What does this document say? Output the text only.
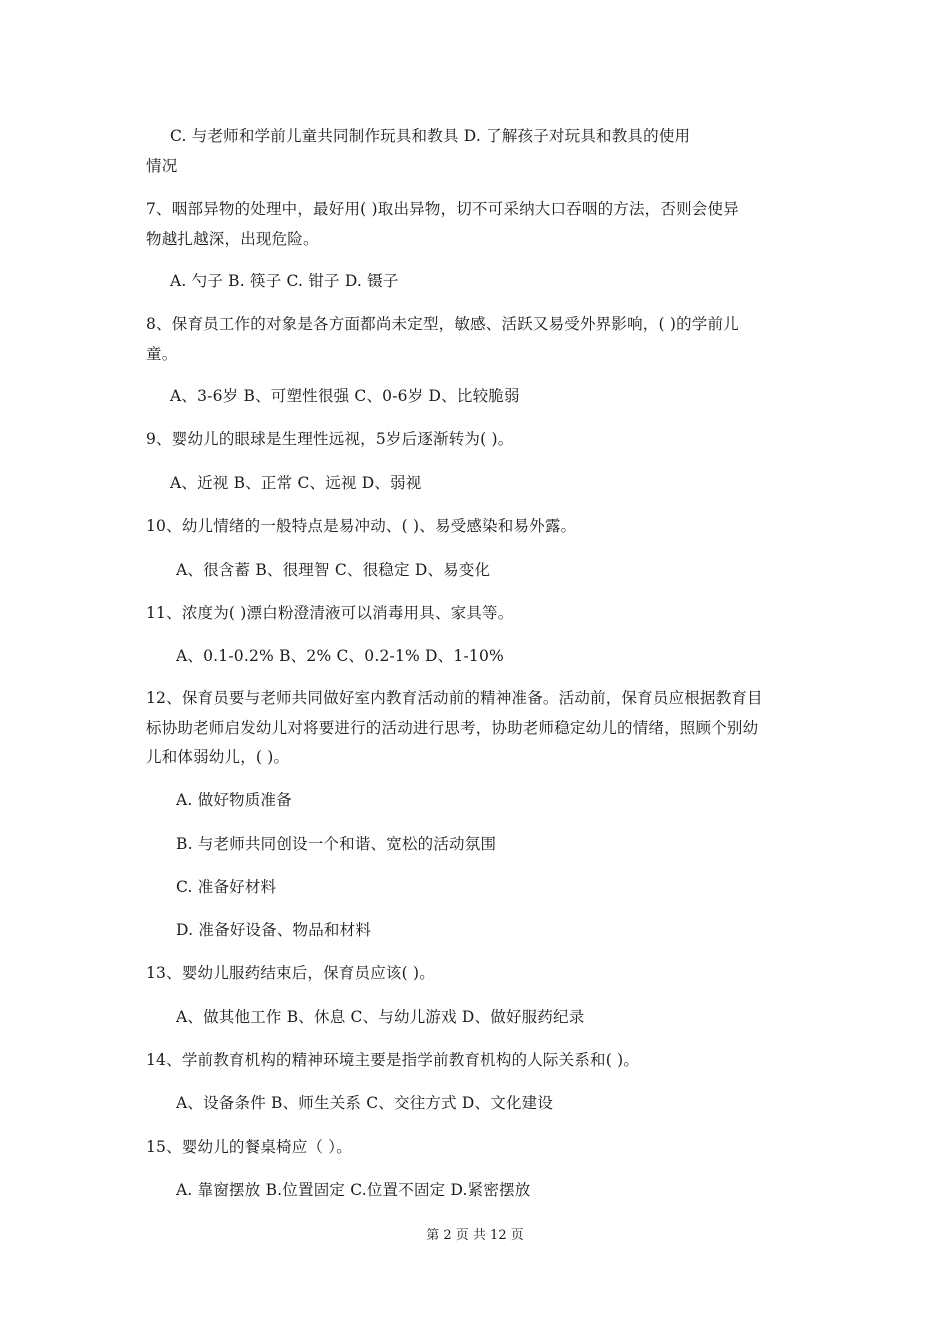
C. 与老师和学前儿童共同制作玩具和教具 D. 了解孩子对玩具和教具的使用

情况

7、咽部异物的处理中，最好用( )取出异物，切不可采纳大口吞咽的方法，否则会使异

物越扎越深，出现危险。

A. 勺子 B. 筷子 C. 钳子 D. 镊子

8、保育员工作的对象是各方面都尚未定型，敏感、活跃又易受外界影响，( )的学前儿

童。

A、3-6岁 B、可塑性很强 C、0-6岁 D、比较脆弱

9、婴幼儿的眼球是生理性远视，5岁后逐渐转为( )。

A、近视 B、正常 C、远视 D、弱视

10、幼儿情绪的一般特点是易冲动、( )、易受感染和易外露。

A、很含蓄 B、很理智 C、很稳定 D、易变化

11、浓度为( )漂白粉澄清液可以消毒用具、家具等。

A、0.1-0.2% B、2% C、0.2-1% D、1-10%

12、保育员要与老师共同做好室内教育活动前的精神准备。活动前，保育员应根据教育目

标协助老师启发幼儿对将要进行的活动进行思考，协助老师稳定幼儿的情绪，照顾个别幼

儿和体弱幼儿，( )。

A. 做好物质准备

B. 与老师共同创设一个和谐、宽松的活动氛围

C. 准备好材料

D. 准备好设备、物品和材料

13、婴幼儿服药结束后，保育员应该( )。

A、做其他工作 B、休息 C、与幼儿游戏 D、做好服药纪录

14、学前教育机构的精神环境主要是指学前教育机构的人际关系和( )。

A、设备条件 B、师生关系 C、交往方式 D、文化建设

15、婴幼儿的餐桌椅应（ ）。

A. 靠窗摆放 B.位置固定 C.位置不固定 D.紧密摆放

第 2 页 共 12 页
